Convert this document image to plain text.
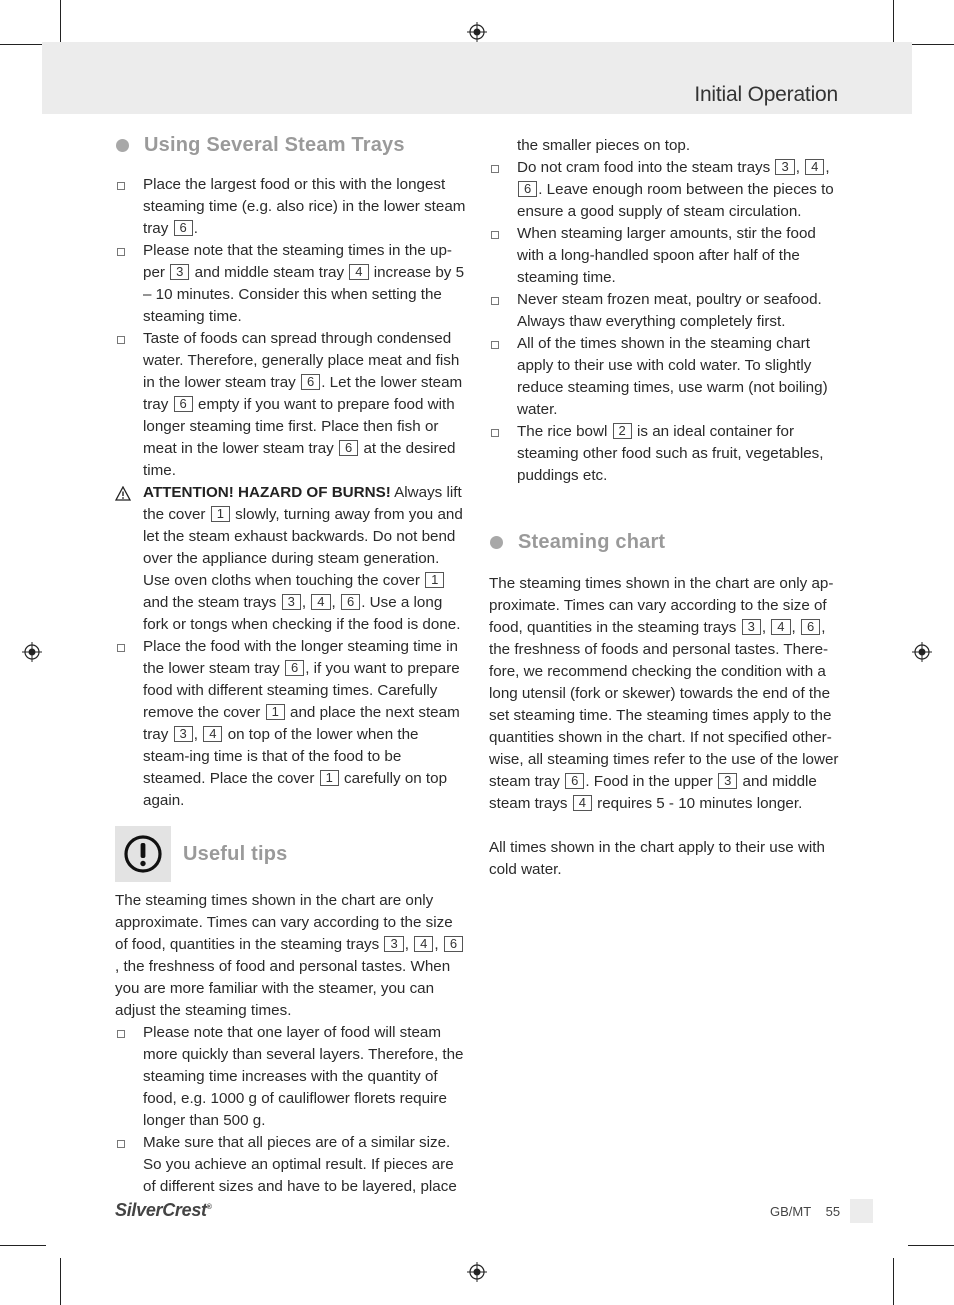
Initial Operation
Using Several Steam Trays
Place the largest food or this with the longest steaming time (e.g. also rice) in the lower steam tray 6 .
Please note that the steaming times in the up-per 3 and middle steam tray 4 increase by 5 – 10 minutes. Consider this when setting the steaming time.
Taste of foods can spread through condensed water. Therefore, generally place meat and fish in the lower steam tray 6 . Let the lower steam tray 6 empty if you want to prepare food with longer steaming time first. Place then fish or meat in the lower steam tray 6 at the desired time.
ATTENTION! HAZARD OF BURNS! Always lift the cover 1 slowly, turning away from you and let the steam exhaust backwards. Do not bend over the appliance during steam generation. Use oven cloths when touching the cover 1 and the steam trays 3 , 4 , 6 . Use a long fork or tongs when checking if the food is done.
Place the food with the longer steaming time in the lower steam tray 6 , if you want to prepare food with different steaming times. Carefully remove the cover 1 and place the next steam tray 3 , 4 on top of the lower when the steam-ing time is that of the food to be steamed. Place the cover 1 carefully on top again.
Useful tips

The steaming times shown in the chart are only approximate. Times can vary according to the size of food, quantities in the steaming trays 3 , 4 , 6, the freshness of food and personal tastes. When you are more familiar with the steamer, you can adjust the steaming times.

Please note that one layer of food will steam more quickly than several layers. Therefore, the steaming time increases with the quantity of food, e.g. 1000 g of cauliflower florets require longer than 500 g.
Make sure that all pieces are of a similar size. So you achieve an optimal result. If pieces are of different sizes and have to be layered, place

the smaller pieces on top.

Do not cram food into the steam trays 3 , 4 , 6 . Leave enough room between the pieces to ensure a good supply of steam circulation.
When steaming larger amounts, stir the food with a long-handled spoon after half of the steaming time.
Never steam frozen meat, poultry or seafood. Always thaw everything completely first.
All of the times shown in the steaming chart apply to their use with cold water. To slightly reduce steaming times, use warm (not boiling) water.
The rice bowl 2 is an ideal container for steaming other food such as fruit, vegetables, puddings etc.
Steaming chart

The steaming times shown in the chart are only ap-proximate. Times can vary according to the size of food, quantities in the steaming trays 3 , 4 , 6 , the freshness of foods and personal tastes. There-fore, we recommend checking the condition with a long utensil (fork or skewer) towards the end of the set steaming time. The steaming times apply to the quantities shown in the chart. If not specified other-wise, all steaming times refer to the use of the lower steam tray 6 . Food in the upper 3 and middle steam trays 4 requires 5 - 10 minutes longer.

All times shown in the chart apply to their use with cold water.

SilverCrest®	GB/MT 55
